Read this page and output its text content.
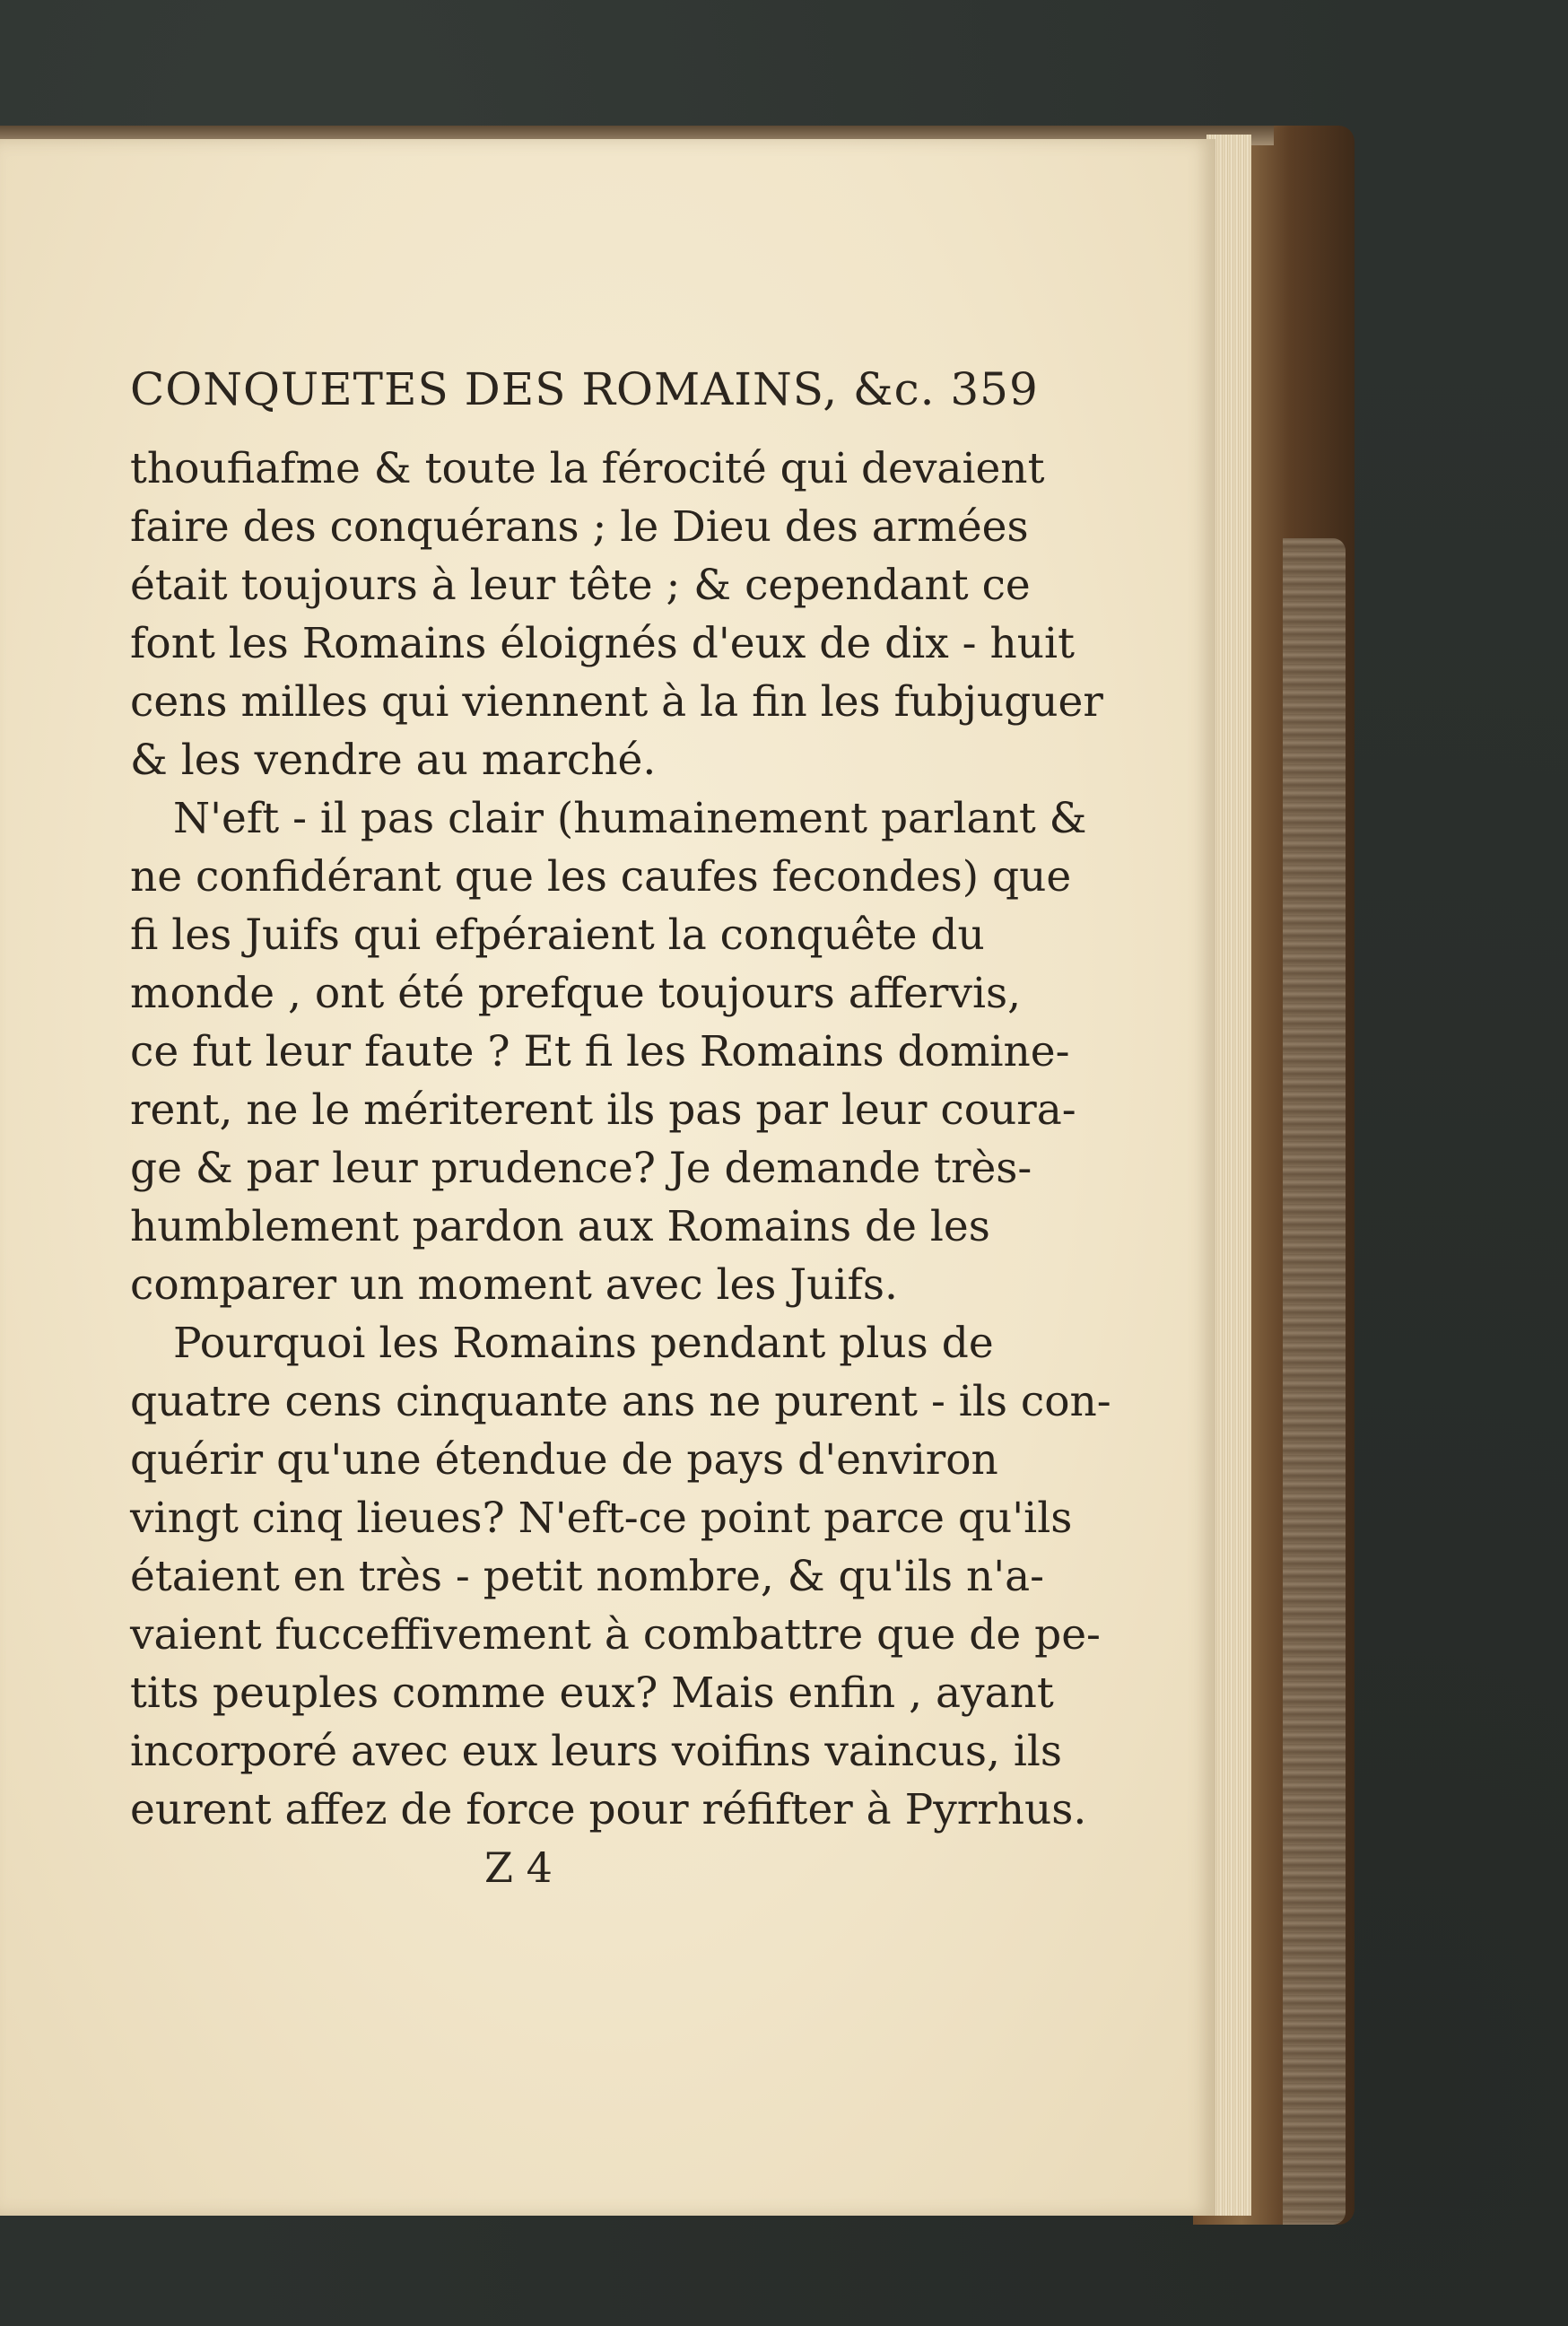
CONQUETES DES ROMAINS, &c. 359
thoufiafme & toute la férocité qui devaient
faire des conquérans ; le Dieu des armées
était toujours à leur tête ; & cependant ce
font les Romains éloignés d'eux de dix - huit
cens milles qui viennent à la fin les fubjuguer
& les vendre au marché.
N'eft - il pas clair (humainement parlant &
ne confidérant que les caufes fecondes) que
fi les Juifs qui efpéraient la conquête du
monde , ont été prefque toujours affervis,
ce fut leur faute ? Et fi les Romains domine-
rent, ne le mériterent ils pas par leur coura-
ge & par leur prudence? Je demande très-
humblement pardon aux Romains de les
comparer un moment avec les Juifs.
Pourquoi les Romains pendant plus de
quatre cens cinquante ans ne purent - ils con-
quérir qu'une étendue de pays d'environ
vingt cinq lieues? N'eft-ce point parce qu'ils
étaient en très - petit nombre, & qu'ils n'a-
vaient fucceffivement à combattre que de pe-
tits peuples comme eux? Mais enfin , ayant
incorporé avec eux leurs voifins vaincus, ils
eurent affez de force pour réfifter à Pyrrhus.
Z 4
